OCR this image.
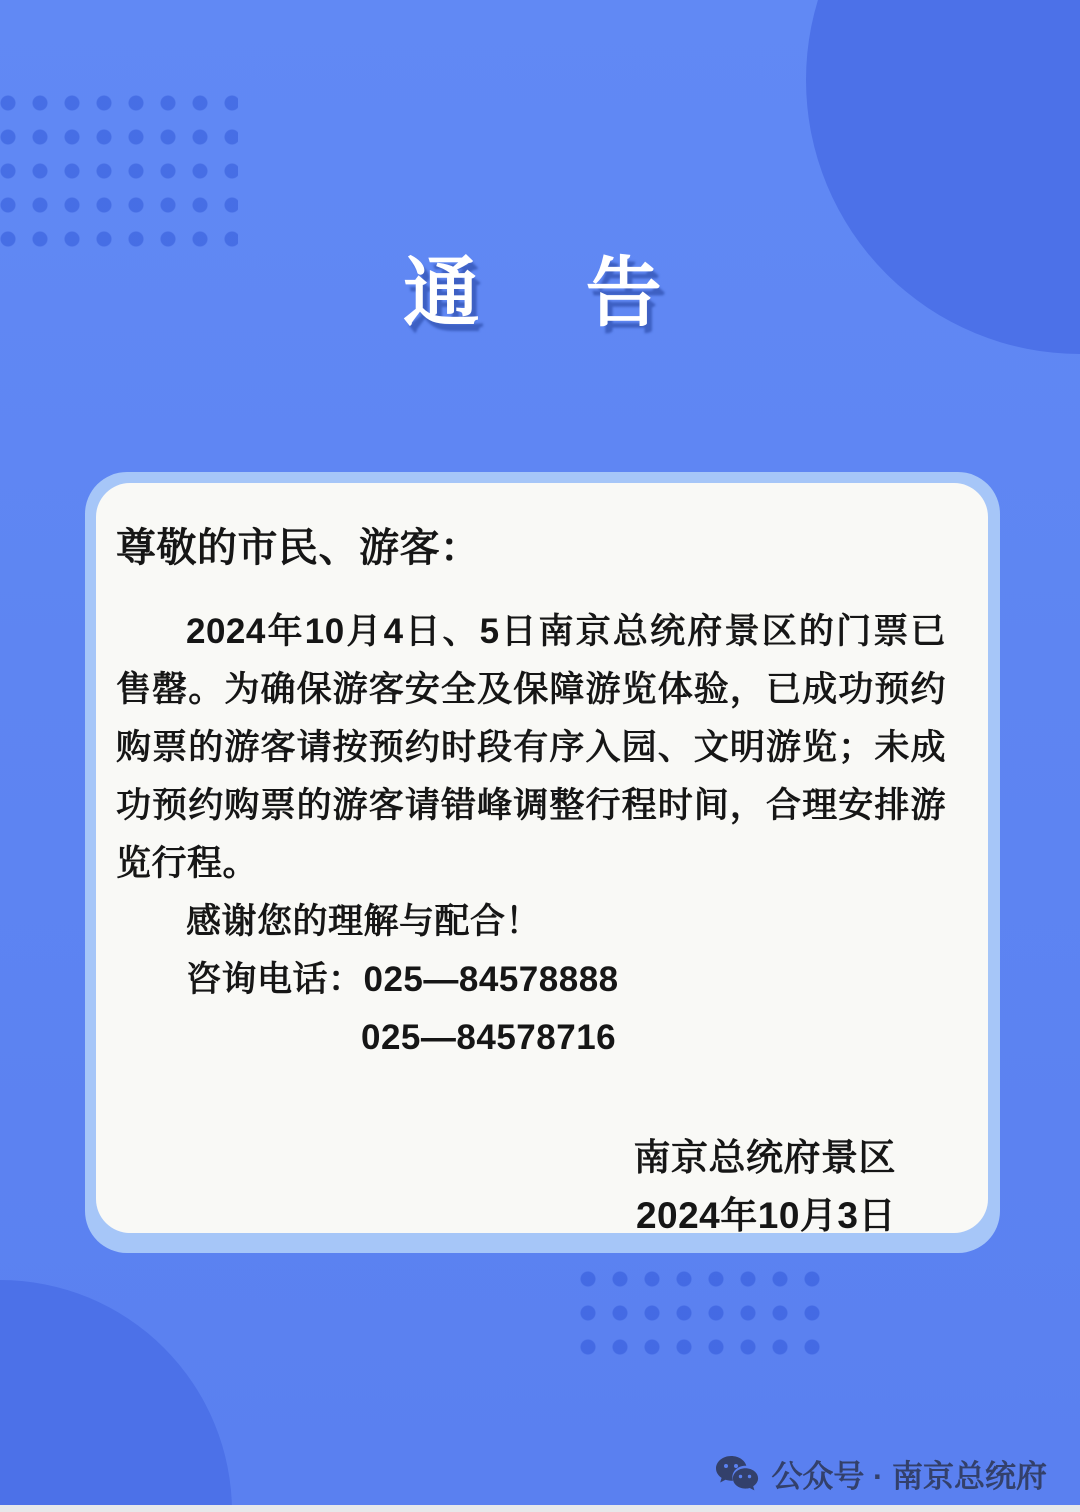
通　告
尊敬的市民、游客：

2024年10月4日、5日南京总统府景区的门票已售罄。为确保游客安全及保障游览体验，已成功预约购票的游客请按预约时段有序入园、文明游览；未成功预约购票的游客请错峰调整行程时间，合理安排游览行程。

感谢您的理解与配合！
咨询电话：025—84578888
025—84578716
南京总统府景区
2024年10月3日
公众号 · 南京总统府
